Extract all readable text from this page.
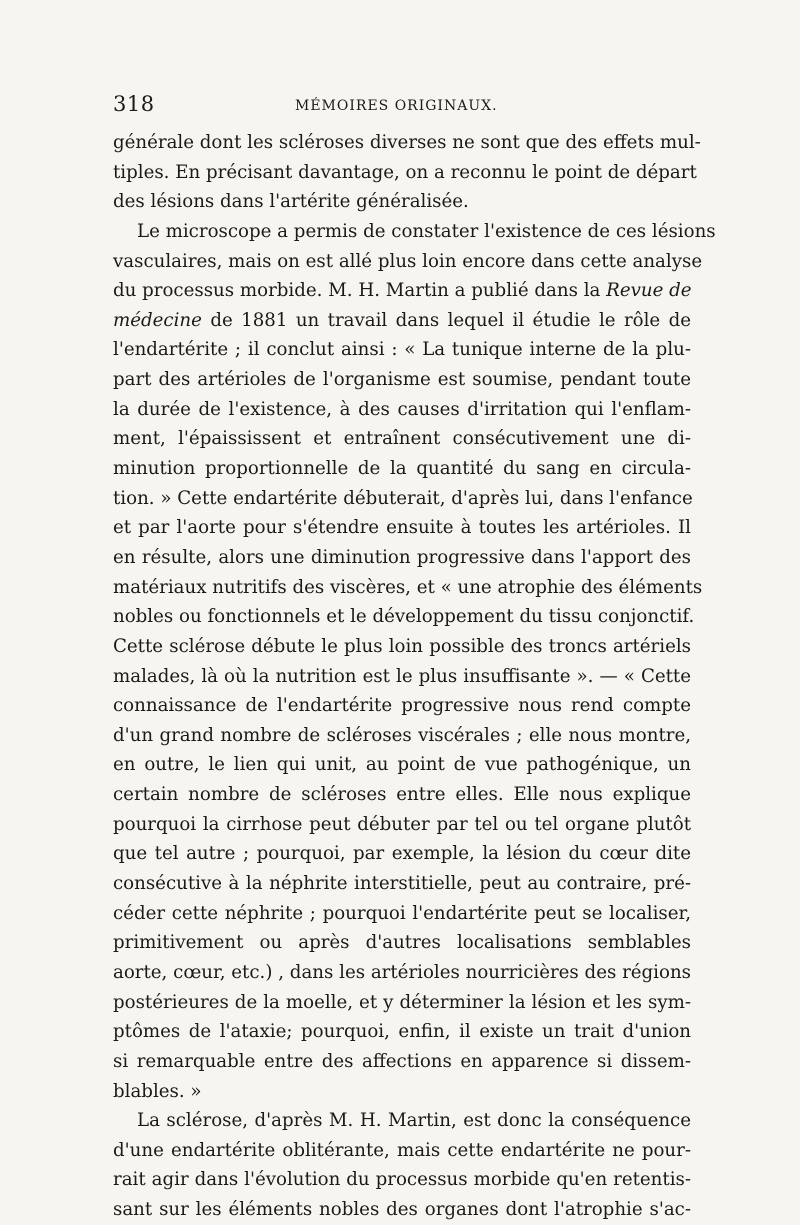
318	MÉMOIRES ORIGINAUX.
générale dont les scléroses diverses ne sont que des effets mul-
tiples. En précisant davantage, on a reconnu le point de départ
des lésions dans l'artérite généralisée.
Le microscope a permis de constater l'existence de ces lésions
vasculaires, mais on est allé plus loin encore dans cette analyse
du processus morbide. M. H. Martin a publié dans la Revue de
médecine de 1881 un travail dans lequel il étudie le rôle de
l'endartérite ; il conclut ainsi : « La tunique interne de la plu-
part des artérioles de l'organisme est soumise, pendant toute
la durée de l'existence, à des causes d'irritation qui l'enflam-
ment, l'épaississent et entraînent consécutivement une di-
minution proportionnelle de la quantité du sang en circula-
tion. » Cette endartérite débuterait, d'après lui, dans l'enfance
et par l'aorte pour s'étendre ensuite à toutes les artérioles. Il
en résulte, alors une diminution progressive dans l'apport des
matériaux nutritifs des viscères, et « une atrophie des éléments
nobles ou fonctionnels et le développement du tissu conjonctif.
Cette sclérose débute le plus loin possible des troncs artériels
malades, là où la nutrition est le plus insuffisante ». — « Cette
connaissance de l'endartérite progressive nous rend compte
d'un grand nombre de scléroses viscérales ; elle nous montre,
en outre, le lien qui unit, au point de vue pathogénique, un
certain nombre de scléroses entre elles. Elle nous explique
pourquoi la cirrhose peut débuter par tel ou tel organe plutôt
que tel autre ; pourquoi, par exemple, la lésion du cœur dite
consécutive à la néphrite interstitielle, peut au contraire, pré-
céder cette néphrite ; pourquoi l'endartérite peut se localiser,
primitivement ou après d'autres localisations semblables
aorte, cœur, etc.) , dans les artérioles nourricières des régions
postérieures de la moelle, et y déterminer la lésion et les sym-
ptômes de l'ataxie; pourquoi, enfin, il existe un trait d'union
si remarquable entre des affections en apparence si dissem-
blables. »
La sclérose, d'après M. H. Martin, est donc la conséquence
d'une endartérite oblitérante, mais cette endartérite ne pour-
rait agir dans l'évolution du processus morbide qu'en retentis-
sant sur les éléments nobles des organes dont l'atrophie s'ac-
